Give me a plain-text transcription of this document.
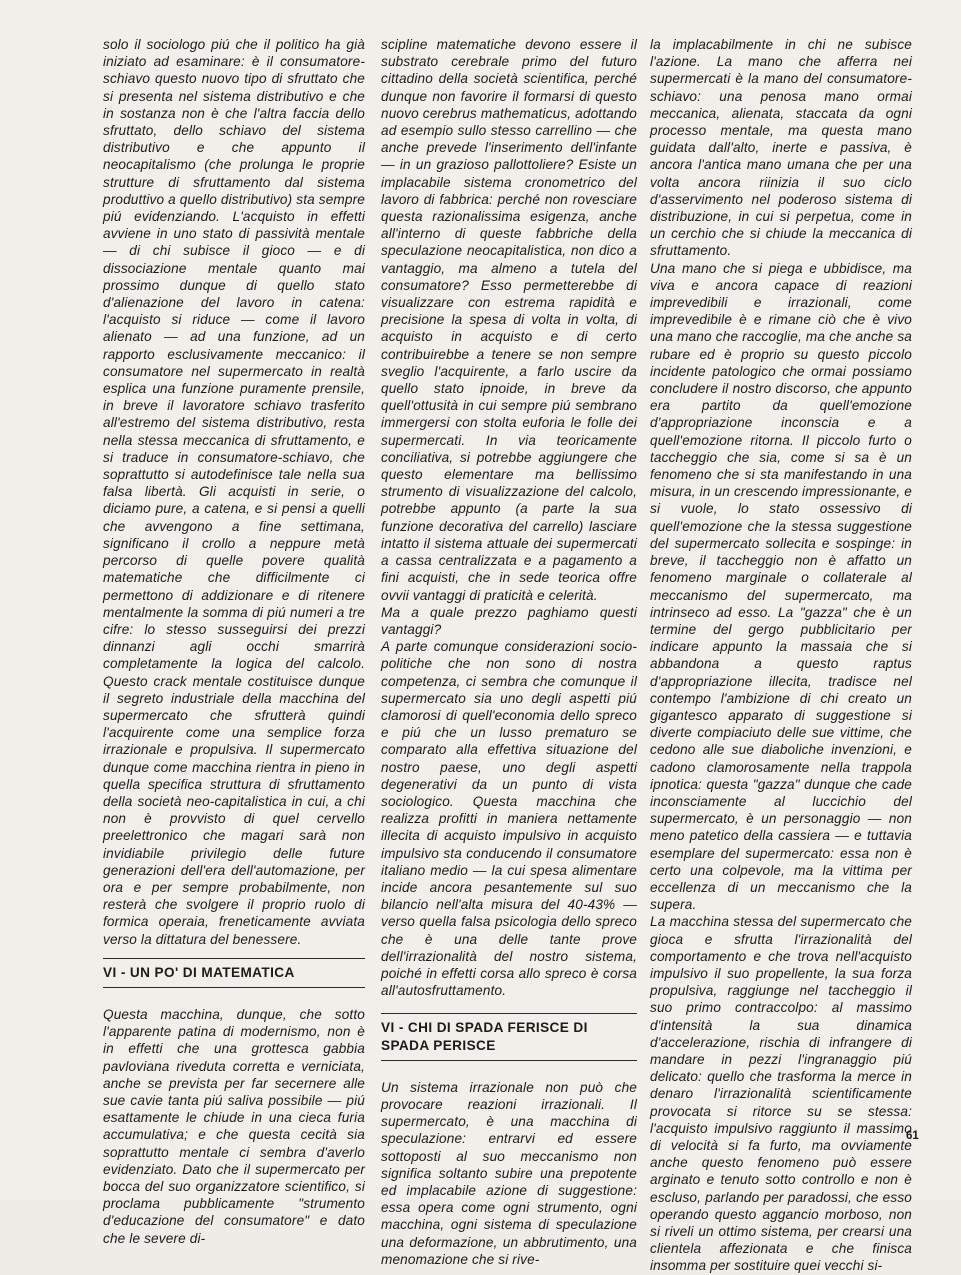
solo il sociologo piú che il politico ha già iniziato ad esaminare: è il consumatore-schiavo questo nuovo tipo di sfruttato che si presenta nel sistema distributivo e che in sostanza non è che l'altra faccia dello sfruttato, dello schiavo del sistema distributivo e che appunto il neocapitalismo (che prolunga le proprie strutture di sfruttamento dal sistema produttivo a quello distributivo) sta sempre piú evidenziando. L'acquisto in effetti avviene in uno stato di passività mentale — di chi subisce il gioco — e di dissociazione mentale quanto mai prossimo dunque di quello stato d'alienazione del lavoro in catena: l'acquisto si riduce — come il lavoro alienato — ad una funzione, ad un rapporto esclusivamente meccanico: il consumatore nel supermercato in realtà esplica una funzione puramente prensile, in breve il lavoratore schiavo trasferito all'estremo del sistema distributivo, resta nella stessa meccanica di sfruttamento, e si traduce in consumatore-schiavo, che soprattutto si autodefinisce tale nella sua falsa libertà. Gli acquisti in serie, o diciamo pure, a catena, e si pensi a quelli che avvengono a fine settimana, significano il crollo a neppure metà percorso di quelle povere qualità matematiche che difficilmente ci permettono di addizionare e di ritenere mentalmente la somma di piú numeri a tre cifre: lo stesso susseguirsi dei prezzi dinnanzi agli occhi smarrirà completamente la logica del calcolo. Questo crack mentale costituisce dunque il segreto industriale della macchina del supermercato che sfrutterà quindi l'acquirente come una semplice forza irrazionale e propulsiva. Il supermercato dunque come macchina rientra in pieno in quella specifica struttura di sfruttamento della società neo-capitalistica in cui, a chi non è provvisto di quel cervello preelettronico che magari sarà non invidiabile privilegio delle future generazioni dell'era dell'automazione, per ora e per sempre probabilmente, non resterà che svolgere il proprio ruolo di formica operaia, freneticamente avviata verso la dittatura del benessere.

VI - UN PO' DI MATEMATICA

Questa macchina, dunque, che sotto l'apparente patina di modernismo, non è in effetti che una grottesca gabbia pavloviana riveduta corretta e verniciata, anche se prevista per far secernere alle sue cavie tanta piú saliva possibile — piú esattamente le chiude in una cieca furia accumulativa; e che questa cecità sia soprattutto mentale ci sembra d'averlo evidenziato. Dato che il supermercato per bocca del suo organizzatore scientifico, si proclama pubblicamente "strumento d'educazione del consumatore" e dato che le severe di-

scipline matematiche devono essere il substrato cerebrale primo del futuro cittadino della società scientifica, perché dunque non favorire il formarsi di questo nuovo cerebrus mathematicus, adottando ad esempio sullo stesso carrellino — che anche prevede l'inserimento dell'infante — in un grazioso pallottoliere? Esiste un implacabile sistema cronometrico del lavoro di fabbrica: perché non rovesciare questa razionalissima esigenza, anche all'interno di queste fabbriche della speculazione neocapitalistica, non dico a vantaggio, ma almeno a tutela del consumatore? Esso permetterebbe di visualizzare con estrema rapidità e precisione la spesa di volta in volta, di acquisto in acquisto e di certo contribuirebbe a tenere se non sempre sveglio l'acquirente, a farlo uscire da quello stato ipnoide, in breve da quell'ottusità in cui sempre piú sembrano immergersi con stolta euforia le folle dei supermercati. In via teoricamente conciliativa, si potrebbe aggiungere che questo elementare ma bellissimo strumento di visualizzazione del calcolo, potrebbe appunto (a parte la sua funzione decorativa del carrello) lasciare intatto il sistema attuale dei supermercati a cassa centralizzata e a pagamento a fini acquisti, che in sede teorica offre ovvii vantaggi di praticità e celerità.

Ma a quale prezzo paghiamo questi vantaggi?

A parte comunque considerazioni socio-politiche che non sono di nostra competenza, ci sembra che comunque il supermercato sia uno degli aspetti piú clamorosi di quell'economia dello spreco e piú che un lusso prematuro se comparato alla effettiva situazione del nostro paese, uno degli aspetti degenerativi da un punto di vista sociologico. Questa macchina che realizza profitti in maniera nettamente illecita di acquisto impulsivo in acquisto impulsivo sta conducendo il consumatore italiano medio — la cui spesa alimentare incide ancora pesantemente sul suo bilancio nell'alta misura del 40-43% — verso quella falsa psicologia dello spreco che è una delle tante prove dell'irrazionalità del nostro sistema, poiché in effetti corsa allo spreco è corsa all'autosfruttamento.

VI - CHI DI SPADA FERISCE DI SPADA PERISCE

Un sistema irrazionale non può che provocare reazioni irrazionali. Il supermercato, è una macchina di speculazione: entrarvi ed essere sottoposti al suo meccanismo non significa soltanto subire una prepotente ed implacabile azione di suggestione: essa opera come ogni strumento, ogni macchina, ogni sistema di speculazione una deformazione, un abbrutimento, una menomazione che si rive-

la implacabilmente in chi ne subisce l'azione. La mano che afferra nei supermercati è la mano del consumatore-schiavo: una penosa mano ormai meccanica, alienata, staccata da ogni processo mentale, ma questa mano guidata dall'alto, inerte e passiva, è ancora l'antica mano umana che per una volta ancora riinizia il suo ciclo d'asservimento nel poderoso sistema di distribuzione, in cui si perpetua, come in un cerchio che si chiude la meccanica di sfruttamento.

Una mano che si piega e ubbidisce, ma viva e ancora capace di reazioni imprevedibili e irrazionali, come imprevedibile è e rimane ciò che è vivo una mano che raccoglie, ma che anche sa rubare ed è proprio su questo piccolo incidente patologico che ormai possiamo concludere il nostro discorso, che appunto era partito da quell'emozione d'appropriazione inconscia e a quell'emozione ritorna. Il piccolo furto o taccheggio che sia, come si sa è un fenomeno che si sta manifestando in una misura, in un crescendo impressionante, e si vuole, lo stato ossessivo di quell'emozione che la stessa suggestione del supermercato sollecita e sospinge: in breve, il taccheggio non è affatto un fenomeno marginale o collaterale al meccanismo del supermercato, ma intrinseco ad esso. La "gazza" che è un termine del gergo pubblicitario per indicare appunto la massaia che si abbandona a questo raptus d'appropriazione illecita, tradisce nel contempo l'ambizione di chi creato un gigantesco apparato di suggestione si diverte compiaciuto delle sue vittime, che cedono alle sue diaboliche invenzioni, e cadono clamorosamente nella trappola ipnotica: questa "gazza" dunque che cade inconsciamente al luccichio del supermercato, è un personaggio — non meno patetico della cassiera — e tuttavia esemplare del supermercato: essa non è certo una colpevole, ma la vittima per eccellenza di un meccanismo che la supera.

La macchina stessa del supermercato che gioca e sfrutta l'irrazionalità del comportamento e che trova nell'acquisto impulsivo il suo propellente, la sua forza propulsiva, raggiunge nel taccheggio il suo primo contraccolpo: al massimo d'intensità la sua dinamica d'accelerazione, rischia di infrangere di mandare in pezzi l'ingranaggio piú delicato: quello che trasforma la merce in denaro l'irrazionalità scientificamente provocata si ritorce su se stessa: l'acquisto impulsivo raggiunto il massimo di velocità si fa furto, ma ovviamente anche questo fenomeno può essere arginato e tenuto sotto controllo e non è escluso, parlando per paradossi, che esso operando questo aggancio morboso, non si riveli un ottimo sistema, per crearsi una clientela affezionata e che finisca insomma per sostituire quei vecchi si-

61
